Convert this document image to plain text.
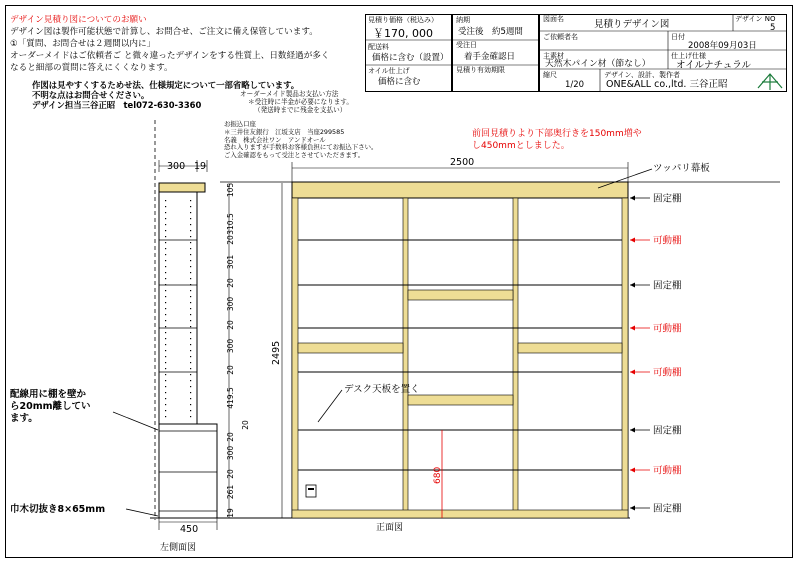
デザイン見積り図についてのお願い
デザイン図は製作可能状態で計算し、お問合せ、ご注文に備え保管しています。
①「質問、お問合せは２週間以内に」
オーダーメイドはご依頼者ご と微々違ったデザインをする性質上、日数経過が多く
なると細部の質問に答えにくくなります。
作図は見やすくするためせ法、仕様規定について一部省略しています。
不明な点はお問合せください。
デザイン担当三谷正昭　tel072-630-3360
オーダーメイド製品お支払い方法
＊受注時に半金が必要になります。
（発送時までに残金を支払い）
お振込口座
＊三井住友銀行　江坂支店　当座299585
名義　株式会社ワン　アンドオール
恐れ入りますが手数料お客様負担にてお振込下さい。
ご入金確認をもって受注とさせていただきます。
見積り価格（税込み）
￥170, 000
配送料
価格に含む（設置）
オイル仕上げ
価格に含む
納期
受注後　約5週間
受注日
着手金確認日
見積り有効期限
図面名	見積りデザイン図	デザイン NO
5
ご依頼者名	日付
2008年09月03日
主素材
天然木パイン材（節なし）
仕上げ仕様
オイルナチュラル
縮尺
1/20
デザイン、設計、製作者
ONE&ALL co.,ltd. 三谷正昭
前回見積りより下部奥行きを150mm増や
し450mmとしました。
300 19
450
左側面図
105
310.5
20
301
20
300
20
300
20
419.5
20
20
300
20
261
19
2495
2500
680
正面図
ツッパリ幕板
デスク天板を置く
配線用に棚を壁か
ら20mm離してい
ます。
巾木切抜き8×65mm
固定棚
可動棚
固定棚
可動棚
可動棚
固定棚
可動棚
固定棚
